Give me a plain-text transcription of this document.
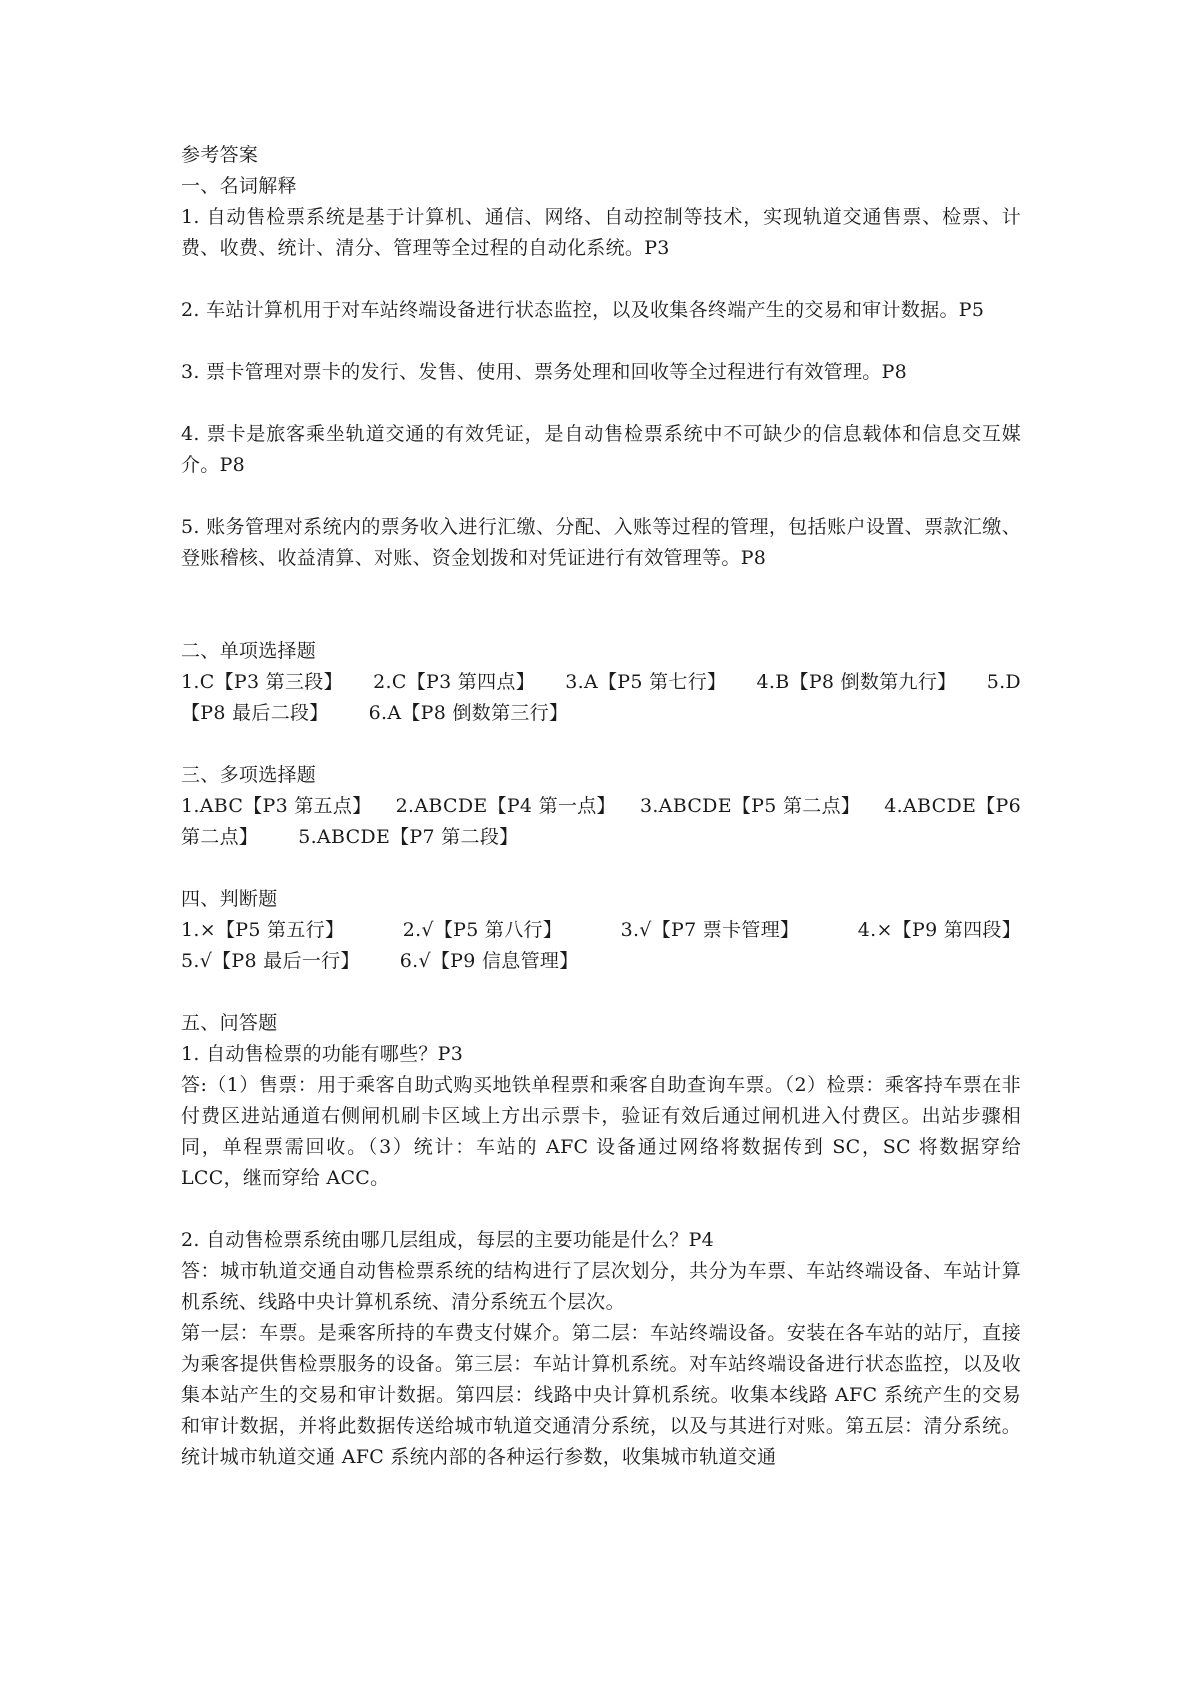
参考答案
一、名词解释
1. 自动售检票系统是基于计算机、通信、网络、自动控制等技术，实现轨道交通售票、检票、计费、收费、统计、清分、管理等全过程的自动化系统。P3
2. 车站计算机用于对车站终端设备进行状态监控，以及收集各终端产生的交易和审计数据。P5
3. 票卡管理对票卡的发行、发售、使用、票务处理和回收等全过程进行有效管理。P8
4. 票卡是旅客乘坐轨道交通的有效凭证，是自动售检票系统中不可缺少的信息载体和信息交互媒介。P8
5. 账务管理对系统内的票务收入进行汇缴、分配、入账等过程的管理，包括账户设置、票款汇缴、登账稽核、收益清算、对账、资金划拨和对凭证进行有效管理等。P8
二、单项选择题
1.C【P3 第三段】 2.C【P3 第四点】 3.A【P5 第七行】 4.B【P8 倒数第九行】 5.D
【P8 最后二段】 6.A【P8 倒数第三行】
三、多项选择题
1.ABC【P3 第五点】 2.ABCDE【P4 第一点】 3.ABCDE【P5 第二点】 4.ABCDE【P6
第二点】 5.ABCDE【P7 第二段】
四、判断题
1.×【P5 第五行】	2.√【P5 第八行】	3.√【P7 票卡管理】	4.×【P9 第四段】
5.√【P8 最后一行】 6.√【P9 信息管理】
五、问答题
1. 自动售检票的功能有哪些？P3
答:（1）售票：用于乘客自助式购买地铁单程票和乘客自助查询车票。（2）检票：乘客持车票在非付费区进站通道右侧闸机刷卡区域上方出示票卡，验证有效后通过闸机进入付费区。出站步骤相同，单程票需回收。（3）统计：车站的 AFC 设备通过网络将数据传到 SC，SC 将数据穿给 LCC，继而穿给 ACC。
2. 自动售检票系统由哪几层组成，每层的主要功能是什么？P4
答：城市轨道交通自动售检票系统的结构进行了层次划分，共分为车票、车站终端设备、车站计算机系统、线路中央计算机系统、清分系统五个层次。
第一层：车票。是乘客所持的车费支付媒介。第二层：车站终端设备。安装在各车站的站厅，直接为乘客提供售检票服务的设备。第三层：车站计算机系统。对车站终端设备进行状态监控，以及收集本站产生的交易和审计数据。第四层：线路中央计算机系统。收集本线路 AFC 系统产生的交易和审计数据，并将此数据传送给城市轨道交通清分系统，以及与其进行对账。第五层：清分系统。统计城市轨道交通 AFC 系统内部的各种运行参数，收集城市轨道交通
